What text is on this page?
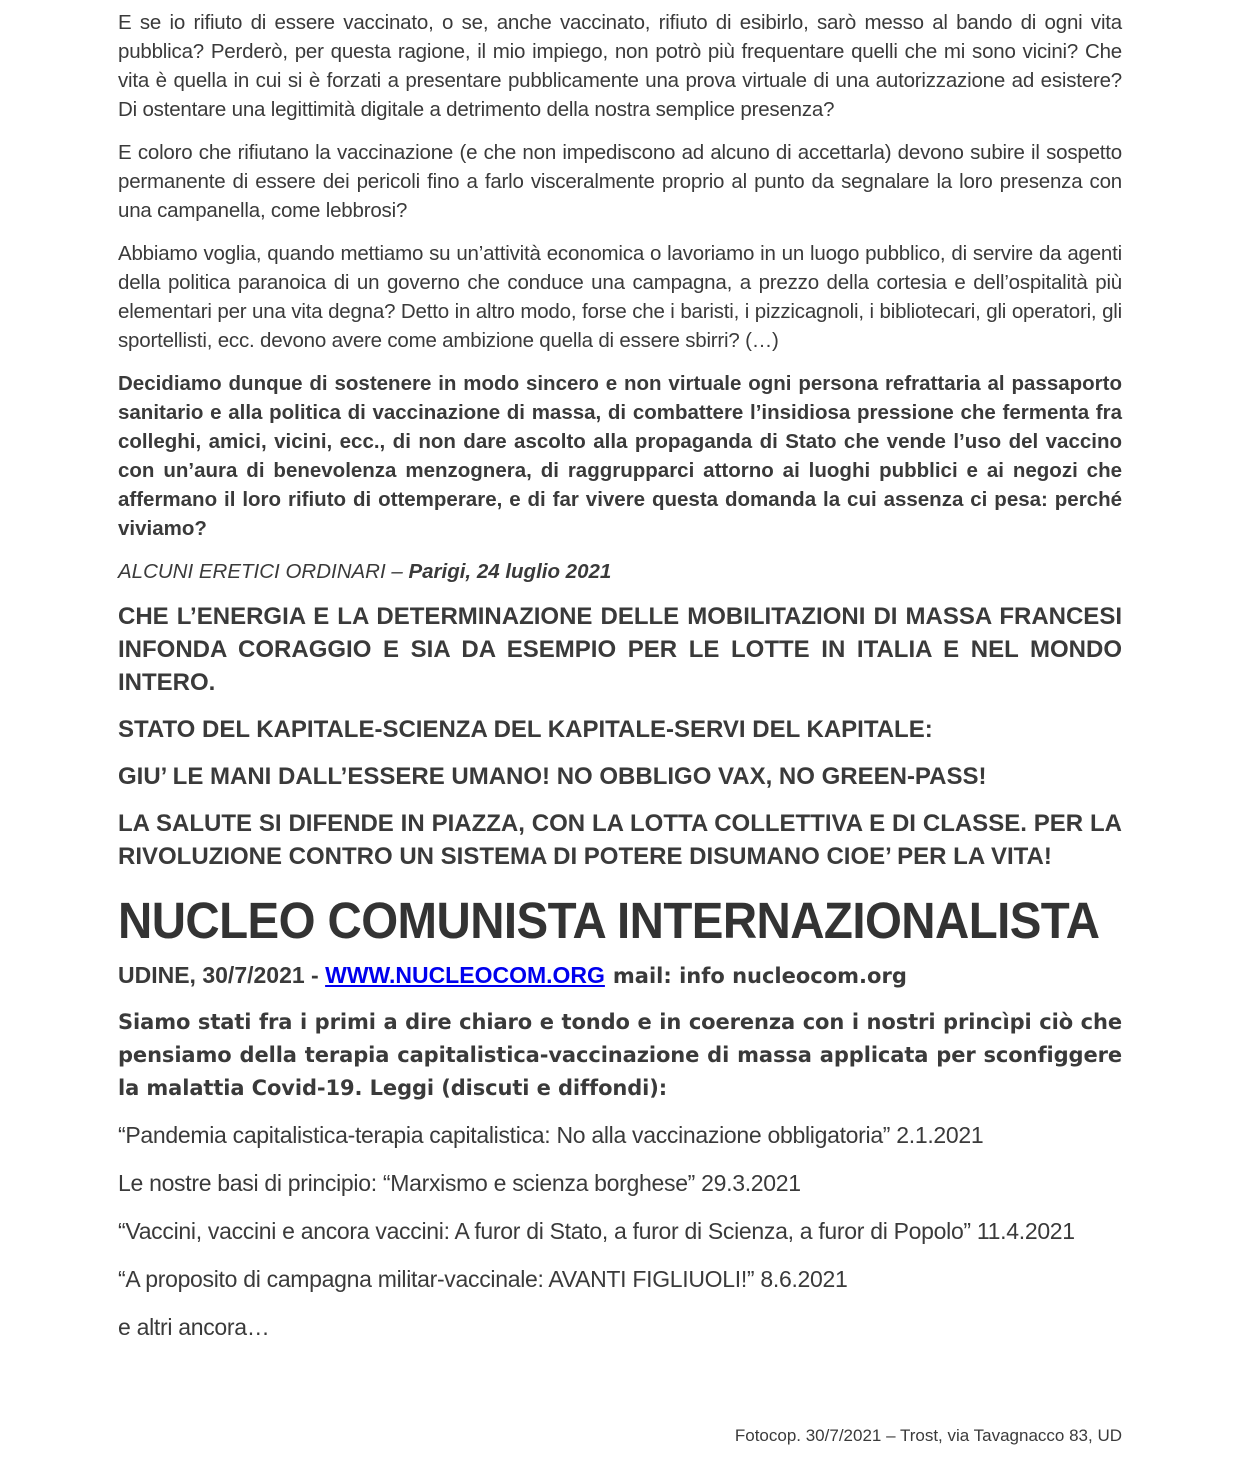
E se io rifiuto di essere vaccinato, o se, anche vaccinato, rifiuto di esibirlo, sarò messo al bando di ogni vita pubblica? Perderò, per questa ragione, il mio impiego, non potrò più frequentare quelli che mi sono vicini? Che vita è quella in cui si è forzati a presentare pubblicamente una prova virtuale di una autorizzazione ad esistere? Di ostentare una legittimità digitale a detrimento della nostra semplice presenza?

E coloro che rifiutano la vaccinazione (e che non impediscono ad alcuno di accettarla) devono subire il sospetto permanente di essere dei pericoli fino a farlo visceralmente proprio al punto da segnalare la loro presenza con una campanella, come lebbrosi?

Abbiamo voglia, quando mettiamo su un’attività economica o lavoriamo in un luogo pubblico, di servire da agenti della politica paranoica di un governo che conduce una campagna, a prezzo della cortesia e dell’ospitalità più elementari per una vita degna? Detto in altro modo, forse che i baristi, i pizzicagnoli, i bibliotecari, gli operatori, gli sportellisti, ecc. devono avere come ambizione quella di essere sbirri? (…)

Decidiamo dunque di sostenere in modo sincero e non virtuale ogni persona refrattaria al passaporto sanitario e alla politica di vaccinazione di massa, di combattere l’insidiosa pressione che fermenta fra colleghi, amici, vicini, ecc., di non dare ascolto alla propaganda di Stato che vende l’uso del vaccino con un’aura di benevolenza menzognera, di raggrupparci attorno ai luoghi pubblici e ai negozi che affermano il loro rifiuto di ottemperare, e di far vivere questa domanda la cui assenza ci pesa: perché viviamo?

ALCUNI ERETICI ORDINARI – Parigi, 24 luglio 2021

CHE L’ENERGIA E LA DETERMINAZIONE DELLE MOBILITAZIONI DI MASSA FRANCESI INFONDA CORAGGIO E SIA DA ESEMPIO PER LE LOTTE IN ITALIA E NEL MONDO INTERO.

STATO DEL KAPITALE-SCIENZA DEL KAPITALE-SERVI DEL KAPITALE:

GIU’ LE MANI DALL’ESSERE UMANO! NO OBBLIGO VAX, NO GREEN-PASS!

LA SALUTE SI DIFENDE IN PIAZZA, CON LA LOTTA COLLETTIVA E DI CLASSE. PER LA RIVOLUZIONE CONTRO UN SISTEMA DI POTERE DISUMANO CIOE’ PER LA VITA!

NUCLEO COMUNISTA INTERNAZIONALISTA

UDINE, 30/7/2021 - WWW.NUCLEOCOM.ORG mail: info nucleocom.org

Siamo stati fra i primi a dire chiaro e tondo e in coerenza con i nostri princìpi ciò che pensiamo della terapia capitalistica-vaccinazione di massa applicata per sconfiggere la malattia Covid-19. Leggi (discuti e diffondi):

“Pandemia capitalistica-terapia capitalistica: No alla vaccinazione obbligatoria” 2.1.2021

Le nostre basi di principio: “Marxismo e scienza borghese” 29.3.2021

“Vaccini, vaccini e ancora vaccini: A furor di Stato, a furor di Scienza, a furor di Popolo” 11.4.2021

“A proposito di campagna militar-vaccinale: AVANTI FIGLIUOLI!” 8.6.2021

e altri ancora…

Fotocop. 30/7/2021 – Trost, via Tavagnacco 83, UD
